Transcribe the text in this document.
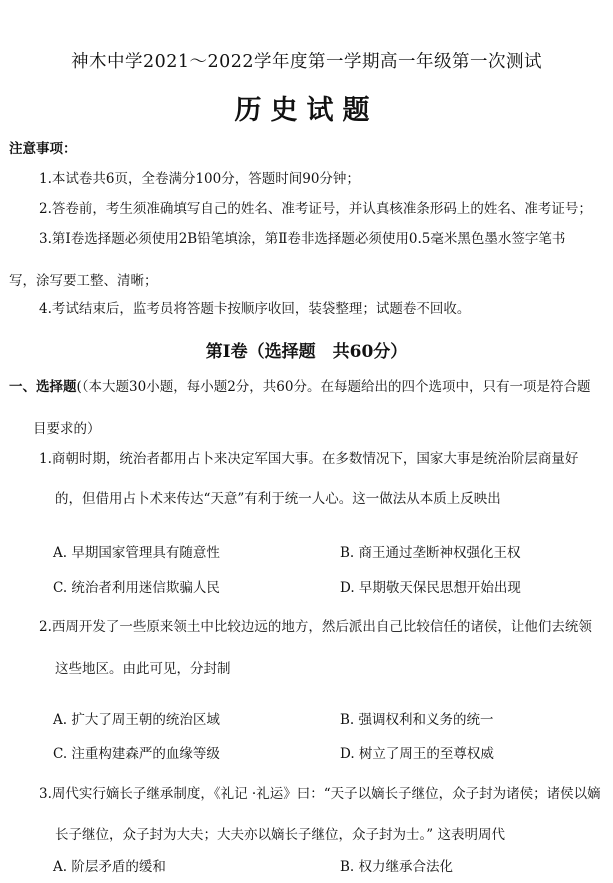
神木中学2021～2022学年度第一学期高一年级第一次测试
历史试题
注意事项：
1.本试卷共6页，全卷满分100分，答题时间90分钟；
2.答卷前，考生须准确填写自己的姓名、准考证号，并认真核准条形码上的姓名、准考证号；
3.第Ⅰ卷选择题必须使用2B铅笔填涂，第Ⅱ卷非选择题必须使用0.5毫米黑色墨水签字笔书
写，涂写要工整、清晰；
4.考试结束后，监考员将答题卡按顺序收回，装袋整理；试题卷不回收。
第Ⅰ卷（选择题　共60分）
一、选择题(（本大题30小题，每小题2分，共60分。在每题给出的四个选项中，只有一项是符合题
目要求的）
1.商朝时期，统治者都用占卜来决定军国大事。在多数情况下，国家大事是统治阶层商量好
的，但借用占卜术来传达“天意”有利于统一人心。这一做法从本质上反映出
A. 早期国家管理具有随意性	B. 商王通过垄断神权强化王权
C. 统治者利用迷信欺骗人民	D. 早期敬天保民思想开始出现
2.西周开发了一些原来领土中比较边远的地方，然后派出自己比较信任的诸侯，让他们去统领
这些地区。由此可见，分封制
A. 扩大了周王朝的统治区域	B. 强调权利和义务的统一
C. 注重构建森严的血缘等级	D. 树立了周王的至尊权威
3.周代实行嫡长子继承制度，《礼记 ·礼运》曰：“天子以嫡长子继位，众子封为诸侯；诸侯以嫡
长子继位，众子封为大夫；大夫亦以嫡长子继位，众子封为士。” 这表明周代
A. 阶层矛盾的缓和	B. 权力继承合法化
